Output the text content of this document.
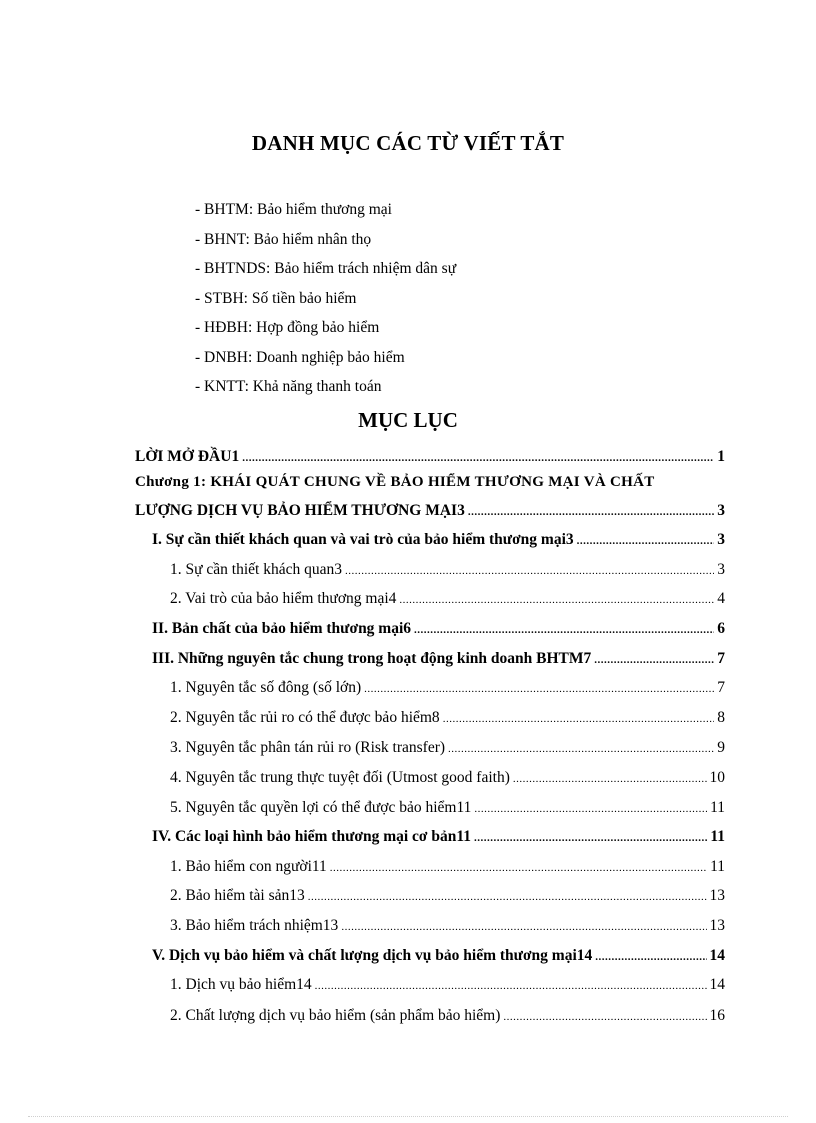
DANH MỤC CÁC TỪ VIẾT TẮT
- BHTM: Bảo hiểm thương mại
- BHNT: Bảo hiểm nhân thọ
- BHTNDS: Bảo hiểm trách nhiệm dân sự
- STBH: Số tiền bảo hiểm
- HĐBH: Hợp đồng bảo hiểm
- DNBH: Doanh nghiệp bảo hiểm
- KNTT: Khả năng thanh toán
MỤC LỤC
LỜI MỞ ĐẦU1 .....	1
Chương 1: KHÁI QUÁT CHUNG VỀ BẢO HIỂM THƯƠNG MẠI VÀ CHẤT
LƯỢNG DỊCH VỤ BẢO HIỂM THƯƠNG MẠI3 .....	3
I. Sự cần thiết khách quan và vai trò của bảo hiểm thương mại3 .....	3
1. Sự cần thiết khách quan3 .....	3
2. Vai trò của bảo hiểm thương mại4 .....	4
II. Bản chất của bảo hiểm thương mại6 .....	6
III. Những nguyên tắc chung trong hoạt động kinh doanh BHTM7 .....	7
1. Nguyên tắc số đông (số lớn) .....	7
2. Nguyên tắc rủi ro có thể được bảo hiểm8 .....	8
3. Nguyên tắc phân tán rủi ro (Risk transfer) .....	9
4. Nguyên tắc trung thực tuyệt đối (Utmost good faith) .....	10
5. Nguyên tắc quyền lợi có thể được bảo hiểm11 .....	11
IV. Các loại hình bảo hiểm thương mại cơ bản11 .....	11
1. Bảo hiểm con người11 .....	11
2. Bảo hiểm tài sản13 .....	13
3. Bảo hiểm trách nhiệm13 .....	13
V. Dịch vụ bảo hiểm và chất lượng dịch vụ bảo hiểm thương mại14 .....	14
1. Dịch vụ bảo hiểm14 .....	14
2. Chất lượng dịch vụ bảo hiểm (sản phẩm bảo hiểm) .....	16
